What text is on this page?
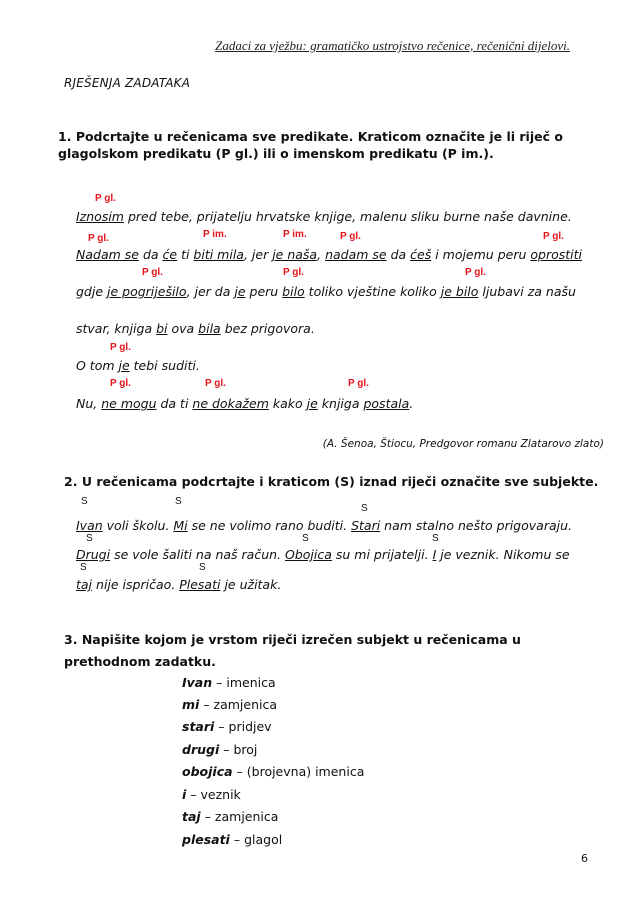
Zadaci za vježbu: gramatičko ustrojstvo rečenice, rečenični dijelovi.
RJEŠENJA ZADATAKA
1. Podcrtajte u rečenicama sve predikate. Kraticom označite je li riječ o glagolskom predikatu (P gl.) ili o imenskom predikatu (P im.).
P gl.
Iznosim pred tebe, prijatelju hrvatske knjige, malenu sliku burne naše davnine.
P gl.	P im.	P im.	P gl.	P gl.
Nadam se da će ti biti mila, jer je naša, nadam se da ćeš i mojemu peru oprostiti
P gl.	P gl.	P gl.
gdje je pogriješilo, jer da je peru bilo toliko vještine koliko je bilo ljubavi za našu
stvar, knjiga bi ova bila bez prigovora.
P gl.
O tom je tebi suditi.
P gl.	P gl.	P gl.
Nu, ne mogu da ti ne dokažem kako je knjiga postala.
(A. Šenoa, Štiocu, Predgovor romanu Zlatarovo zlato)
2. U rečenicama podcrtajte i kraticom (S) iznad riječi označite sve subjekte.
S	S
S
Ivan voli školu. Mi se ne volimo rano buditi. Stari nam stalno nešto prigovaraju.
S	S	S
Drugi se vole šaliti na naš račun. Obojica su mi prijatelji. I je veznik. Nikomu se
S	S
taj nije ispričao. Plesati je užitak.
3. Napišite kojom je vrstom riječi izrečen subjekt u rečenicama u prethodnom zadatku.
Ivan – imenica
mi – zamjenica
stari – pridjev
drugi – broj
obojica – (brojevna) imenica
i – veznik
taj – zamjenica
plesati – glagol
6
